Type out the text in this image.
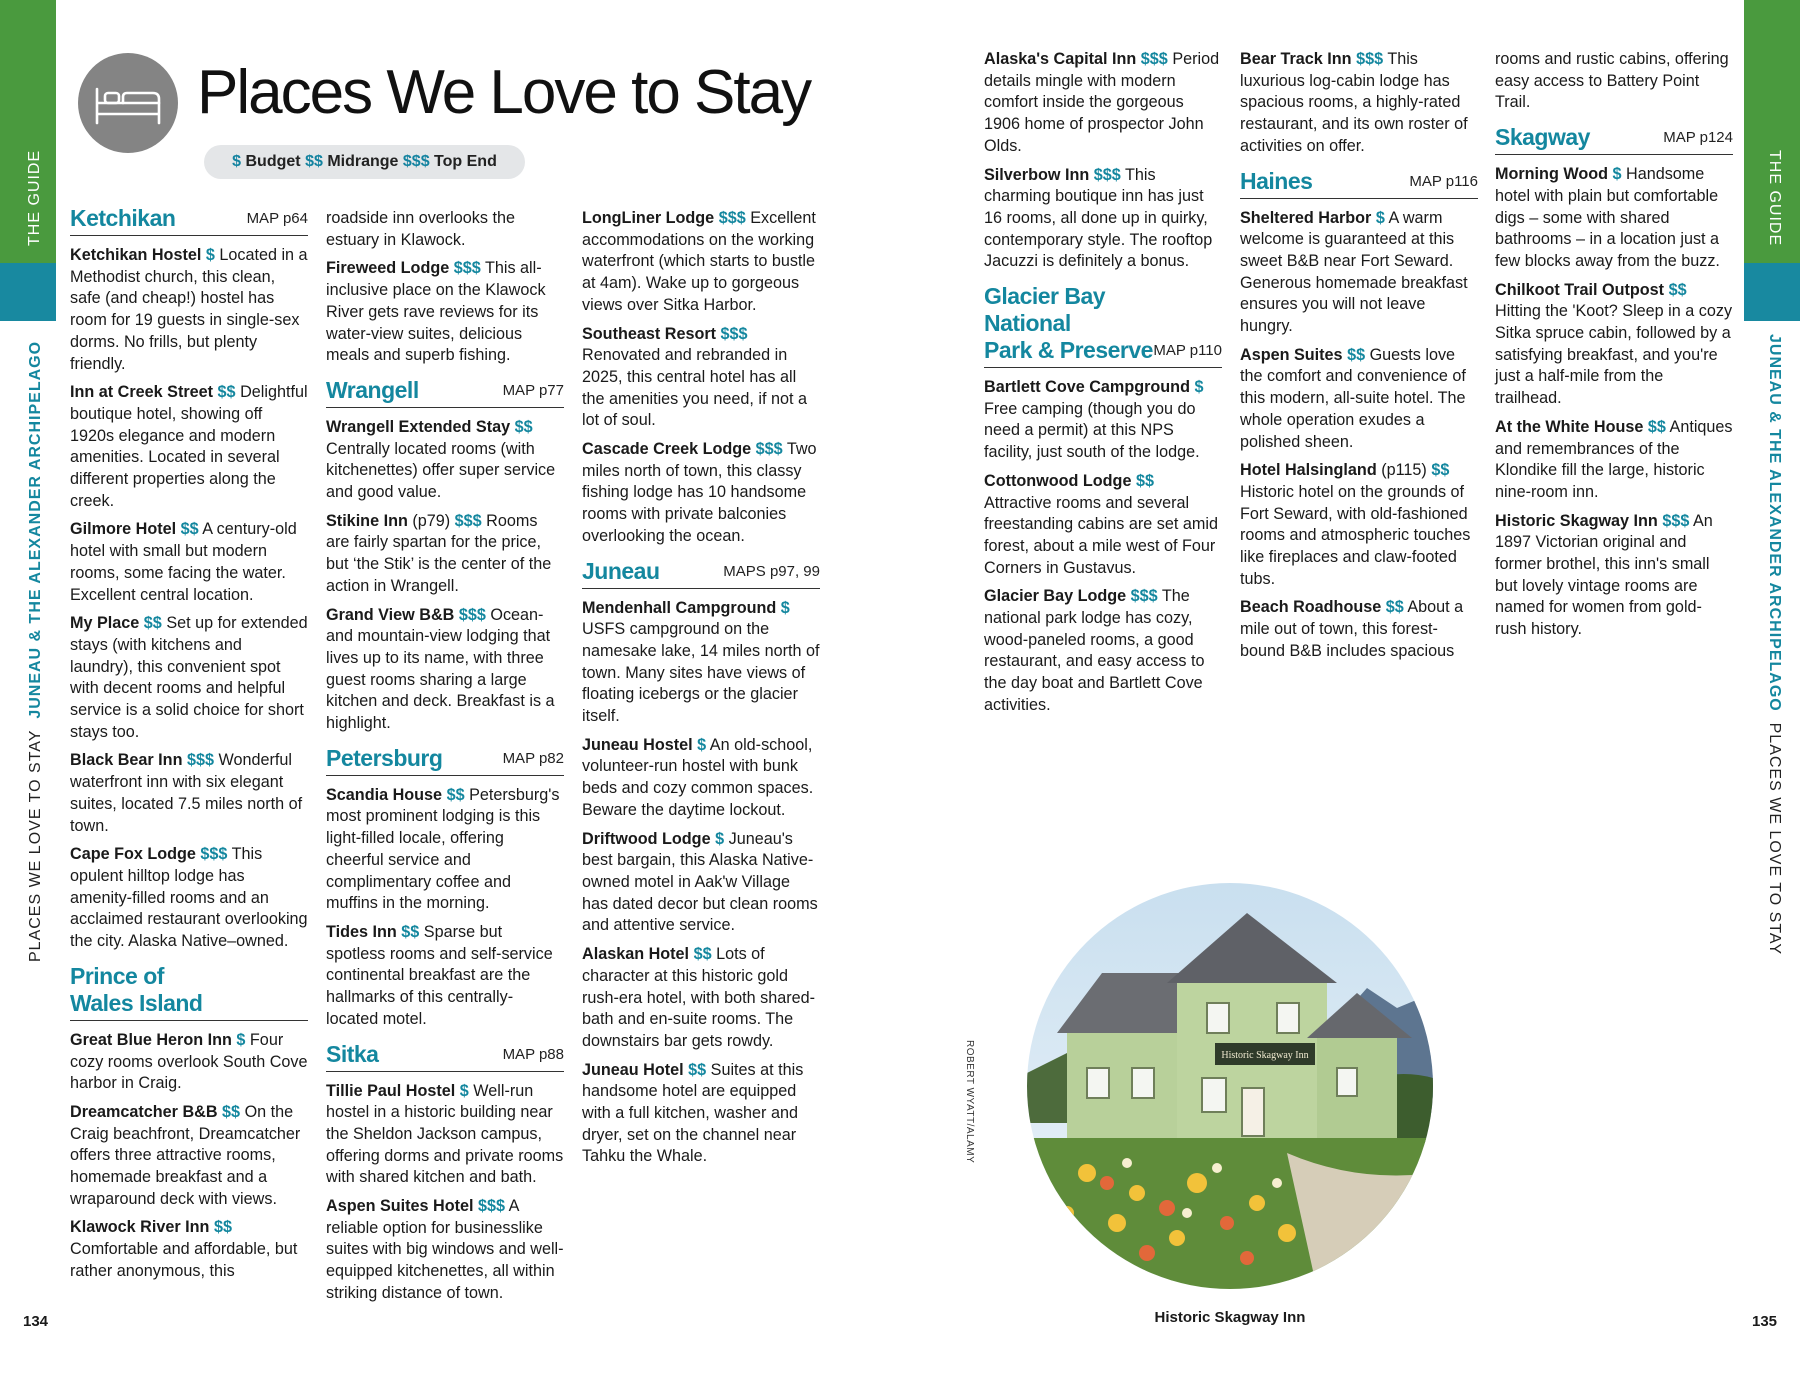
THE GUIDE
PLACES WE LOVE TO STAY  JUNEAU & THE ALEXANDER ARCHIPELAGO
THE GUIDE
JUNEAU & THE ALEXANDER ARCHIPELAGO  PLACES WE LOVE TO STAY
Places We Love to Stay
$ Budget $$ Midrange $$$ Top End
Ketchikan	MAP p64

Ketchikan Hostel $ Located in a Methodist church, this clean, safe (and cheap!) hostel has room for 19 guests in single-sex dorms. No frills, but plenty friendly.

Inn at Creek Street $$ Delightful boutique hotel, showing off 1920s elegance and modern amenities. Located in several different properties along the creek.

Gilmore Hotel $$ A century-old hotel with small but modern rooms, some facing the water. Excellent central location.

My Place $$ Set up for extended stays (with kitchens and laundry), this convenient spot with decent rooms and helpful service is a solid choice for short stays too.

Black Bear Inn $$$ Wonderful waterfront inn with six elegant suites, located 7.5 miles north of town.

Cape Fox Lodge $$$ This opulent hilltop lodge has amenity-filled rooms and an acclaimed restaurant overlooking the city. Alaska Native–owned.

Prince of
Wales Island

Great Blue Heron Inn $ Four cozy rooms overlook South Cove harbor in Craig.

Dreamcatcher B&B $$ On the Craig beachfront, Dreamcatcher offers three attractive rooms, homemade breakfast and a wraparound deck with views.

Klawock River Inn $$ Comfortable and affordable, but rather anonymous, this

roadside inn overlooks the estuary in Klawock.

Fireweed Lodge $$$ This all-inclusive place on the Klawock River gets rave reviews for its water-view suites, delicious meals and superb fishing.

Wrangell	MAP p77

Wrangell Extended Stay $$ Centrally located rooms (with kitchenettes) offer super service and good value.

Stikine Inn (p79) $$$ Rooms are fairly spartan for the price, but ‘the Stik’ is the center of the action in Wrangell.

Grand View B&B $$$ Ocean- and mountain-view lodging that lives up to its name, with three guest rooms sharing a large kitchen and deck. Breakfast is a highlight.

Petersburg	MAP p82

Scandia House $$ Petersburg's most prominent lodging is this light-filled locale, offering cheerful service and complimentary coffee and muffins in the morning.

Tides Inn $$ Sparse but spotless rooms and self-service continental breakfast are the hallmarks of this centrally-located motel.

Sitka	MAP p88

Tillie Paul Hostel $ Well-run hostel in a historic building near the Sheldon Jackson campus, offering dorms and private rooms with shared kitchen and bath.

Aspen Suites Hotel $$$ A reliable option for businesslike suites with big windows and well-equipped kitchenettes, all within striking distance of town.

LongLiner Lodge $$$ Excellent accommodations on the working waterfront (which starts to bustle at 4am). Wake up to gorgeous views over Sitka Harbor.

Southeast Resort $$$ Renovated and rebranded in 2025, this central hotel has all the amenities you need, if not a lot of soul.

Cascade Creek Lodge $$$ Two miles north of town, this classy fishing lodge has 10 handsome rooms with private balconies overlooking the ocean.

Juneau	MAPS p97, 99

Mendenhall Campground $ USFS campground on the namesake lake, 14 miles north of town. Many sites have views of floating icebergs or the glacier itself.

Juneau Hostel $ An old-school, volunteer-run hostel with bunk beds and cozy common spaces. Beware the daytime lockout.

Driftwood Lodge $ Juneau's best bargain, this Alaska Native-owned motel in Aak'w Village has dated decor but clean rooms and attentive service.

Alaskan Hotel $$ Lots of character at this historic gold rush-era hotel, with both shared-bath and en-suite rooms. The downstairs bar gets rowdy.

Juneau Hotel $$ Suites at this handsome hotel are equipped with a full kitchen, washer and dryer, set on the channel near Tahku the Whale.

Alaska's Capital Inn $$$ Period details mingle with modern comfort inside the gorgeous 1906 home of prospector John Olds.

Silverbow Inn $$$ This charming boutique inn has just 16 rooms, all done up in quirky, contemporary style. The rooftop Jacuzzi is definitely a bonus.

Glacier Bay National
Park & Preserve MAP p110

Bartlett Cove Campground $ Free camping (though you do need a permit) at this NPS facility, just south of the lodge.

Cottonwood Lodge $$ Attractive rooms and several freestanding cabins are set amid forest, about a mile west of Four Corners in Gustavus.

Glacier Bay Lodge $$$ The national park lodge has cozy, wood-paneled rooms, a good restaurant, and easy access to the day boat and Bartlett Cove activities.

Bear Track Inn $$$ This luxurious log-cabin lodge has spacious rooms, a highly-rated restaurant, and its own roster of activities on offer.

Haines	MAP p116

Sheltered Harbor $ A warm welcome is guaranteed at this sweet B&B near Fort Seward. Generous homemade breakfast ensures you will not leave hungry.

Aspen Suites $$ Guests love the comfort and convenience of this modern, all-suite hotel. The whole operation exudes a polished sheen.

Hotel Halsingland (p115) $$ Historic hotel on the grounds of Fort Seward, with old-fashioned rooms and atmospheric touches like fireplaces and claw-footed tubs.

Beach Roadhouse $$ About a mile out of town, this forest-bound B&B includes spacious

rooms and rustic cabins, offering easy access to Battery Point Trail.

Skagway	MAP p124

Morning Wood $ Handsome hotel with plain but comfortable digs – some with shared bathrooms – in a location just a few blocks away from the buzz.

Chilkoot Trail Outpost $$ Hitting the 'Koot? Sleep in a cozy Sitka spruce cabin, followed by a satisfying breakfast, and you're just a half-mile from the trailhead.

At the White House $$ Antiques and remembrances of the Klondike fill the large, historic nine-room inn.

Historic Skagway Inn $$$ An 1897 Victorian original and former brothel, this inn's small but lovely vintage rooms are named for women from gold-rush history.

ROBERT WYATT/ALAMY	Historic Skagway Inn
Historic Skagway Inn
134	135
